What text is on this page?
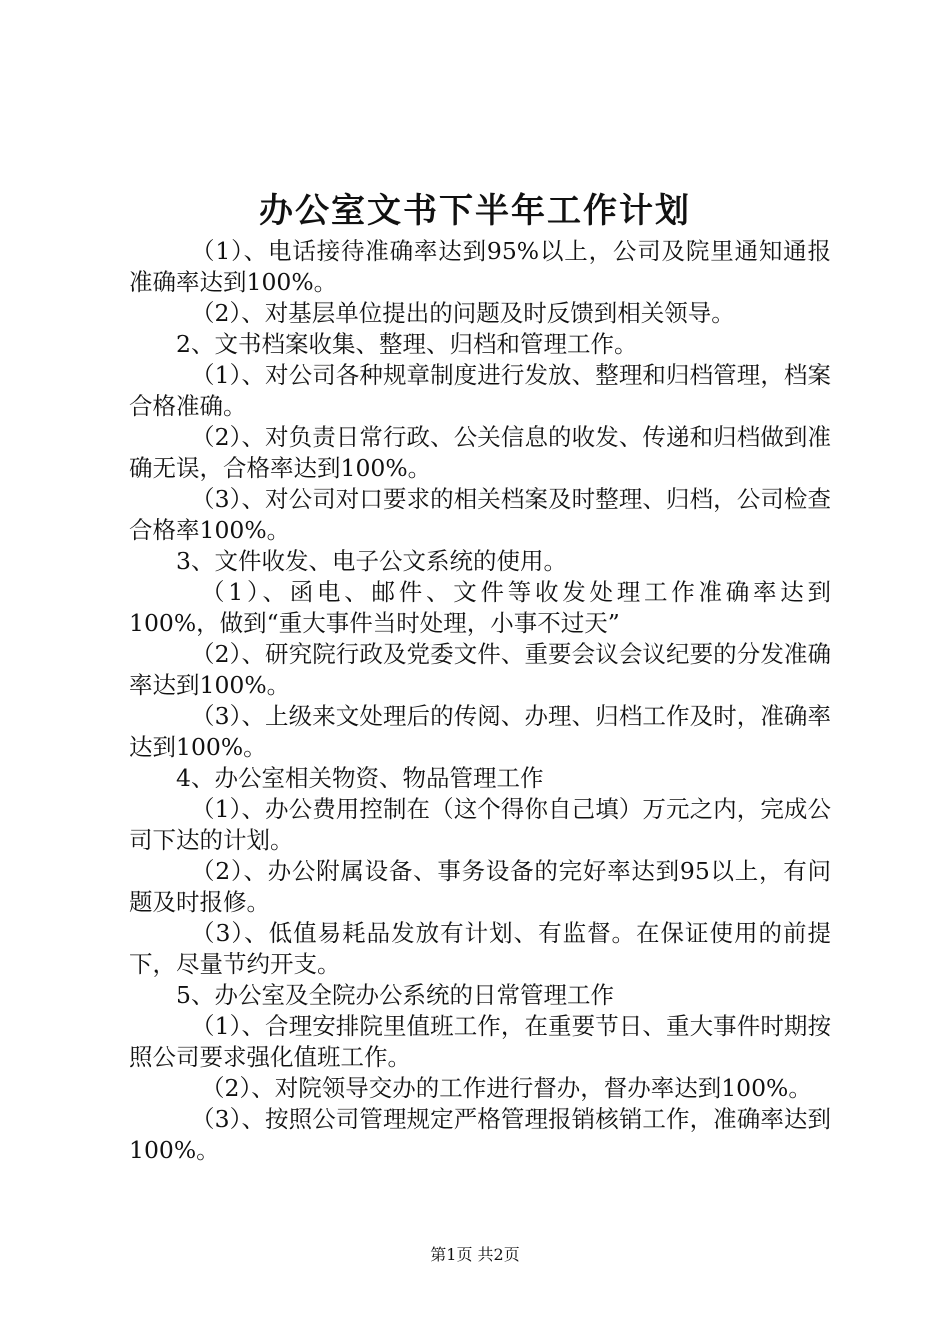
办公室文书下半年工作计划

（1）、电话接待准确率达到95%以上，公司及院里通知通报准确率达到100%。

（2）、对基层单位提出的问题及时反馈到相关领导。

2、文书档案收集、整理、归档和管理工作。

（1）、对公司各种规章制度进行发放、整理和归档管理，档案合格准确。

（2）、对负责日常行政、公关信息的收发、传递和归档做到准确无误，合格率达到100%。

（3）、对公司对口要求的相关档案及时整理、归档，公司检查合格率100%。

3、文件收发、电子公文系统的使用。

（1）、函电、邮件、文件等收发处理工作准确率达到100%，做到“重大事件当时处理，小事不过天”

（2）、研究院行政及党委文件、重要会议会议纪要的分发准确率达到100%。

（3）、上级来文处理后的传阅、办理、归档工作及时，准确率达到100%。

4、办公室相关物资、物品管理工作

（1）、办公费用控制在（这个得你自己填）万元之内，完成公司下达的计划。

（2）、办公附属设备、事务设备的完好率达到95以上，有问题及时报修。

（3）、低值易耗品发放有计划、有监督。在保证使用的前提下，尽量节约开支。

5、办公室及全院办公系统的日常管理工作

（1）、合理安排院里值班工作，在重要节日、重大事件时期按照公司要求强化值班工作。

（2）、对院领导交办的工作进行督办，督办率达到100%。

（3）、按照公司管理规定严格管理报销核销工作，准确率达到100%。

第1页 共2页
